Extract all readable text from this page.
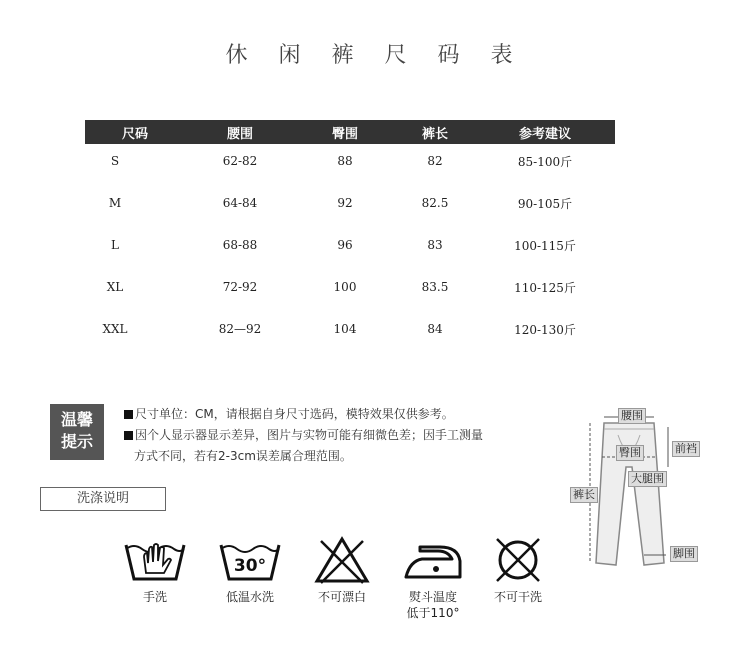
休 闲 裤 尺 码 表
尺码	腰围	臀围	裤长	参考建议
S	62-82	88	82	85-100斤
M	64-84	92	82.5	90-105斤
L	68-88	96	83	100-115斤
XL	72-92	100	83.5	110-125斤
XXL	82—92	104	84	120-130斤
温馨
提示
尺寸单位：CM，请根据自身尺寸选码，模特效果仅供参考。
因个人显示器显示差异，图片与实物可能有细微色差；因手工测量
方式不同，若有2-3cm误差属合理范围。
洗涤说明
手洗
30°
低温水洗	不可漂白	熨斗温度
低于110°
不可干洗
腰围
前裆
臀围
大腿围
裤长
脚围
